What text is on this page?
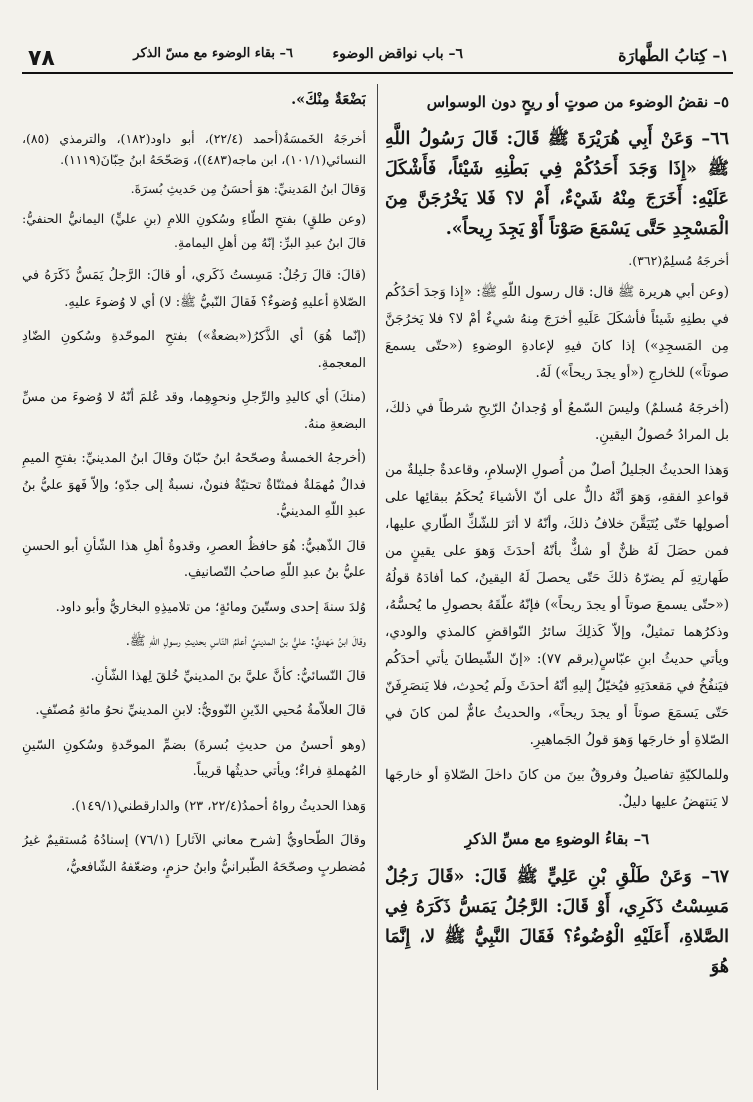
١– كِتابُ الطَّهارَة
٦– باب نواقض الوضوء
٦– بقاء الوضوء مع مسّ الذكر
٧٨

٥– نقضُ الوضوء من صوتٍ أو ريحٍ دون الوسواس

٦٦– وَعَنْ أَبِي هُرَيْرَةَ ﷺ قَالَ: قَالَ رَسُولُ اللَّهِ ﷺ «إِذَا وَجَدَ أَحَدُكُمْ فِي بَطْنِهِ شَيْئاً، فَأَشْكَلَ عَلَيْهِ: أَخَرَجَ مِنْهُ شَيْءٌ، أَمْ لا؟ فَلا يَخْرُجَنَّ مِنَ الْمَسْجِدِ حَتَّى يَسْمَعَ صَوْتاً أَوْ يَجِدَ رِيحاً».

أخرجَهُ مُسلِمٌ(٣٦٢).

(وعن أبي هريرة ﷺ قال: قال رسول اللّهِ ﷺ: «إِذا وَجدَ أحَدُكُم في بطنِهِ شَيئاً فأشكَلَ عَلَيهِ أخرَجَ مِنهُ شيءٌ أمْ لا؟ فلا يَخرُجَنَّ مِن المَسجِدِ») إذا كانَ فيهِ لإعادةِ الوضوءِ («حتّى يسمعَ صوتاً») للخارجِ («أو يجدَ ريحاً») لَهُ.

(أخرجَهُ مُسلمٌ) وليسَ السّمعُ أو وُجدانُ الرّيحِ شرطاً في ذلكَ، بل المرادُ حُصولُ اليقينِ.

وَهذا الحديثُ الجليلُ أصلٌ من أُصولِ الإسلامِ، وقاعدةٌ جليلةٌ من قواعدِ الفقهِ، وَهوَ أنَّهُ دالٌّ على أنّ الأشياءَ يُحكَمُ ببقائِها على أصولِها حَتّى يُتَيَقَّنَ خلافُ ذلكَ، وأنّهُ لا أثرَ للشّكِّ الطّاري عليها، فمن حصَلَ لَهُ ظنٌّ أو شكٌّ بأنّهُ أحدَثَ وَهوَ على يقينٍ من طَهارتِهِ لَم يضرّهُ ذلكَ حَتّى يحصلَ لَهُ اليقينُ، كما أفادَهُ قولُهُ («حتّى يسمعَ صوتاً أو يجدَ ريحاً») فإنّهُ علّقَهُ بحصولِ ما يُحسُّهُ، وذكرُهما تمثيلٌ، وإلاّ كَذلِكَ سائرُ النّواقضِ كالمذي والودي، ويأتي حديثُ ابنِ عبّاسٍ(برقم ٧٧): «إنّ الشّيطانَ يأتي أحدَكُم فيَنفُخُ في مَقعدَتِهِ فيُخيّلُ إليهِ أنّهُ أحدَثَ ولَم يُحدِث، فلا يَنصَرِفَنّ حَتّى يَسمَعَ صوتاً أو يجدَ ريحاً»، والحديثُ عامٌّ لمن كانَ في الصّلاةِ أو خارجَها وَهوَ قولُ الجَماهيرِ.

وللمالكيّةِ تفاصيلُ وفروقٌ بينَ من كانَ داخلَ الصّلاةِ أو خارجَها لا يَنتهضُ عليها دليلٌ.

٦– بقاءُ الوضوءِ مع مسِّ الذكرِ

٦٧– وَعَنْ طَلْقِ بْنِ عَلِيٍّ ﷺ قَالَ: «قَالَ رَجُلٌ مَسِسْتُ ذَكَرِي، أَوْ قَالَ: الرَّجُلُ يَمَسُّ ذَكَرَهُ فِي الصَّلاةِ، أَعَلَيْهِ الْوُضُوءُ؟ فَقَالَ النَّبِيُّ ﷺ لا، إِنَّمَا هُوَ

بَضْعَةٌ مِنْكَ».

أخرجَهُ الخَمسَةُ(أحمد (٢٢/٤)، أبو داود(١٨٢)، والترمذي (٨٥)، النسائي(١٠١/١)، ابن ماجه(٤٨٣))، وَصَحّحَهُ ابنُ حِبّانَ(١١١٩).

وَقالَ ابنُ المَدينيِّ: هوَ أحسَنُ مِن حَديثِ بُسرَةَ.

(وعن طلقٍ) بفتحِ الطّاءِ وسُكونِ اللامِ (بنِ عليٍّ) اليمانيُّ الحنفيُّ: قالَ ابنُ عبدِ البرِّ: إنّهُ مِن أهلِ اليمامةِ.

(قالَ: قالَ رَجُلٌ: مَسِستُ ذَكَري، أو قالَ: الرَّجلُ يَمَسُّ ذَكَرَهُ في الصّلاةِ أعليهِ وُضوءٌ؟ فَقالَ النّبيُّ ﷺ: لا) أي لا وُضوءَ عليهِ.

(إنّما هُوَ) أي الذَّكرُ(«بضعةٌ») بفتحِ الموحّدةِ وسُكونِ الضّادِ المعجمةِ.

(منكَ) أي كاليدِ والرِّجلِ ونحوِهِما، وقد عُلمَ أنّهُ لا وُضوءَ من مسِّ البضعةِ منهُ.

(أخرجهُ الخمسةُ وصحّحهُ ابنُ حبّانَ وقالَ ابنُ المدينيِّ: بفتحِ الميمِ فدالٌ مُهمَلةٌ فمثنّاةٌ تحتيّةٌ فنونٌ، نسبةٌ إلى جدّهِ؛ وإلاّ فَهوَ عليُّ بنُ عبدِ اللّهِ المدينيُّ.

قالَ الذّهبيُّ: هُوَ حافظُ العصرِ، وقدوةُ أهلِ هذا الشّأنِ أبو الحسنِ عليُّ بنُ عبدِ اللّهِ صاحبُ التّصانيفِ.

وُلدَ سنةَ إحدى وستّينَ ومائةٍ؛ من تلاميذِهِ البخاريُّ وأبو داود.

وقالَ ابنُ مَهديٍّ: عليُّ بنُ المدينيِّ أعلمُ النّاسِ بحديثِ رسولِ اللّهِ ﷺ.

قالَ النّسائيُّ: كأنَّ عليَّ بنَ المدينيِّ خُلقَ لِهذا الشّأنِ.

قالَ العلاّمةُ مُحيي الدّينِ النّوويُّ: لابنِ المدينيِّ نحوُ مائةِ مُصنّفٍ.

(وهو أحسنُ من حديثِ بُسرةَ) بضمِّ الموحّدةِ وسُكونِ السّينِ المُهملةِ فراءٌ؛ ويأتي حديثُها قريباً.

وَهذا الحديثُ رواهُ أحمدُ(٢٢/٤، ٢٣) والدارقطني(١٤٩/١).

وقالَ الطّحاويُّ [شرح معاني الآثار] (٧٦/١) إسنادُهُ مُستقيمٌ غيرُ مُضطربٍ وصحّحَهُ الطّبرانيُّ وابنُ حزمٍ، وضعّفهُ الشّافعيُّ،
